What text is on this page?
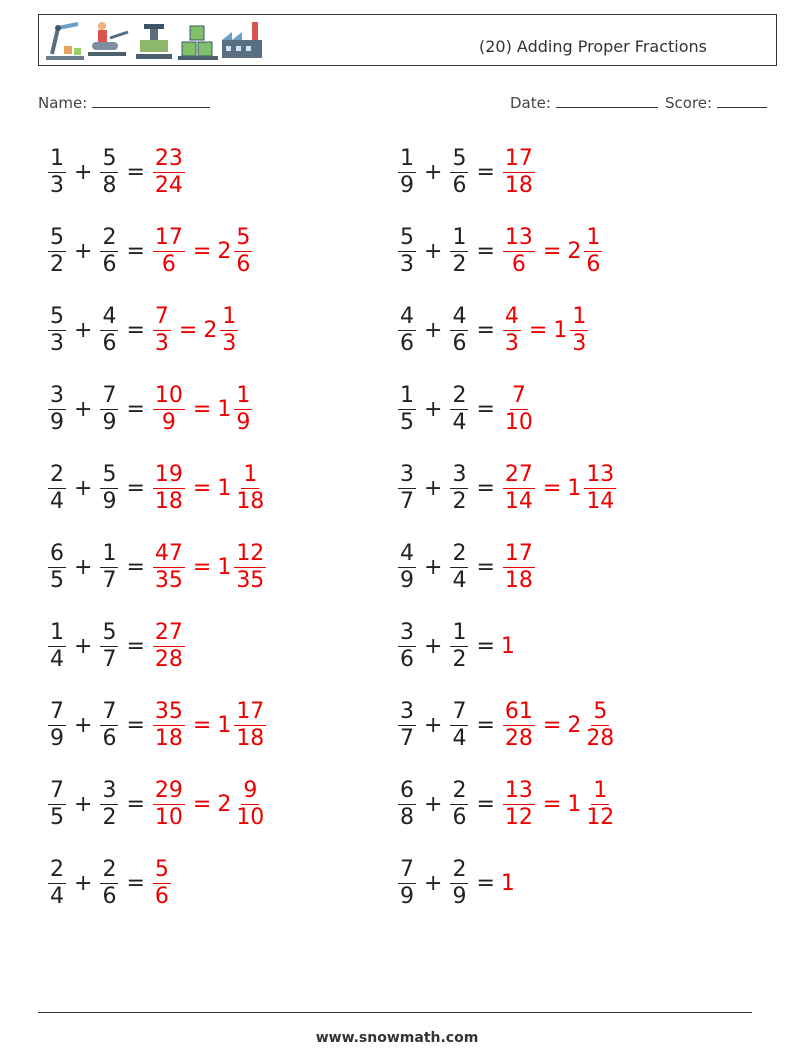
(20) Adding Proper Fractions
Name:	Date:	Score:
$\frac{1}{3} + \frac{5}{8} = \frac{23}{24}$	$\frac{1}{9} + \frac{5}{6} = \frac{17}{18}$
$\frac{5}{2} + \frac{2}{6} = \frac{17}{6} = 2 \frac{5}{6}$	$\frac{5}{3} + \frac{1}{2} = \frac{13}{6} = 2 \frac{1}{6}$
$\frac{5}{3} + \frac{4}{6} = \frac{7}{3} = 2 \frac{1}{3}$	$\frac{4}{6} + \frac{4}{6} = \frac{4}{3} = 1 \frac{1}{3}$
$\frac{3}{9} + \frac{7}{9} = \frac{10}{9} = 1 \frac{1}{9}$	$\frac{1}{5} + \frac{2}{4} = \frac{7}{10}$
$\frac{2}{4} + \frac{5}{9} = \frac{19}{18} = 1 \frac{1}{18}$	$\frac{3}{7} + \frac{3}{2} = \frac{27}{14} = 1 \frac{13}{14}$
$\frac{6}{5} + \frac{1}{7} = \frac{47}{35} = 1 \frac{12}{35}$	$\frac{4}{9} + \frac{2}{4} = \frac{17}{18}$
$\frac{1}{4} + \frac{5}{7} = \frac{27}{28}$	$\frac{3}{6} + \frac{1}{2} = 1$
$\frac{7}{9} + \frac{7}{6} = \frac{35}{18} = 1 \frac{17}{18}$	$\frac{3}{7} + \frac{7}{4} = \frac{61}{28} = 2 \frac{5}{28}$
$\frac{7}{5} + \frac{3}{2} = \frac{29}{10} = 2 \frac{9}{10}$	$\frac{6}{8} + \frac{2}{6} = \frac{13}{12} = 1 \frac{1}{12}$
$\frac{2}{4} + \frac{2}{6} = \frac{5}{6}$	$\frac{7}{9} + \frac{2}{9} = 1$
www.snowmath.com
